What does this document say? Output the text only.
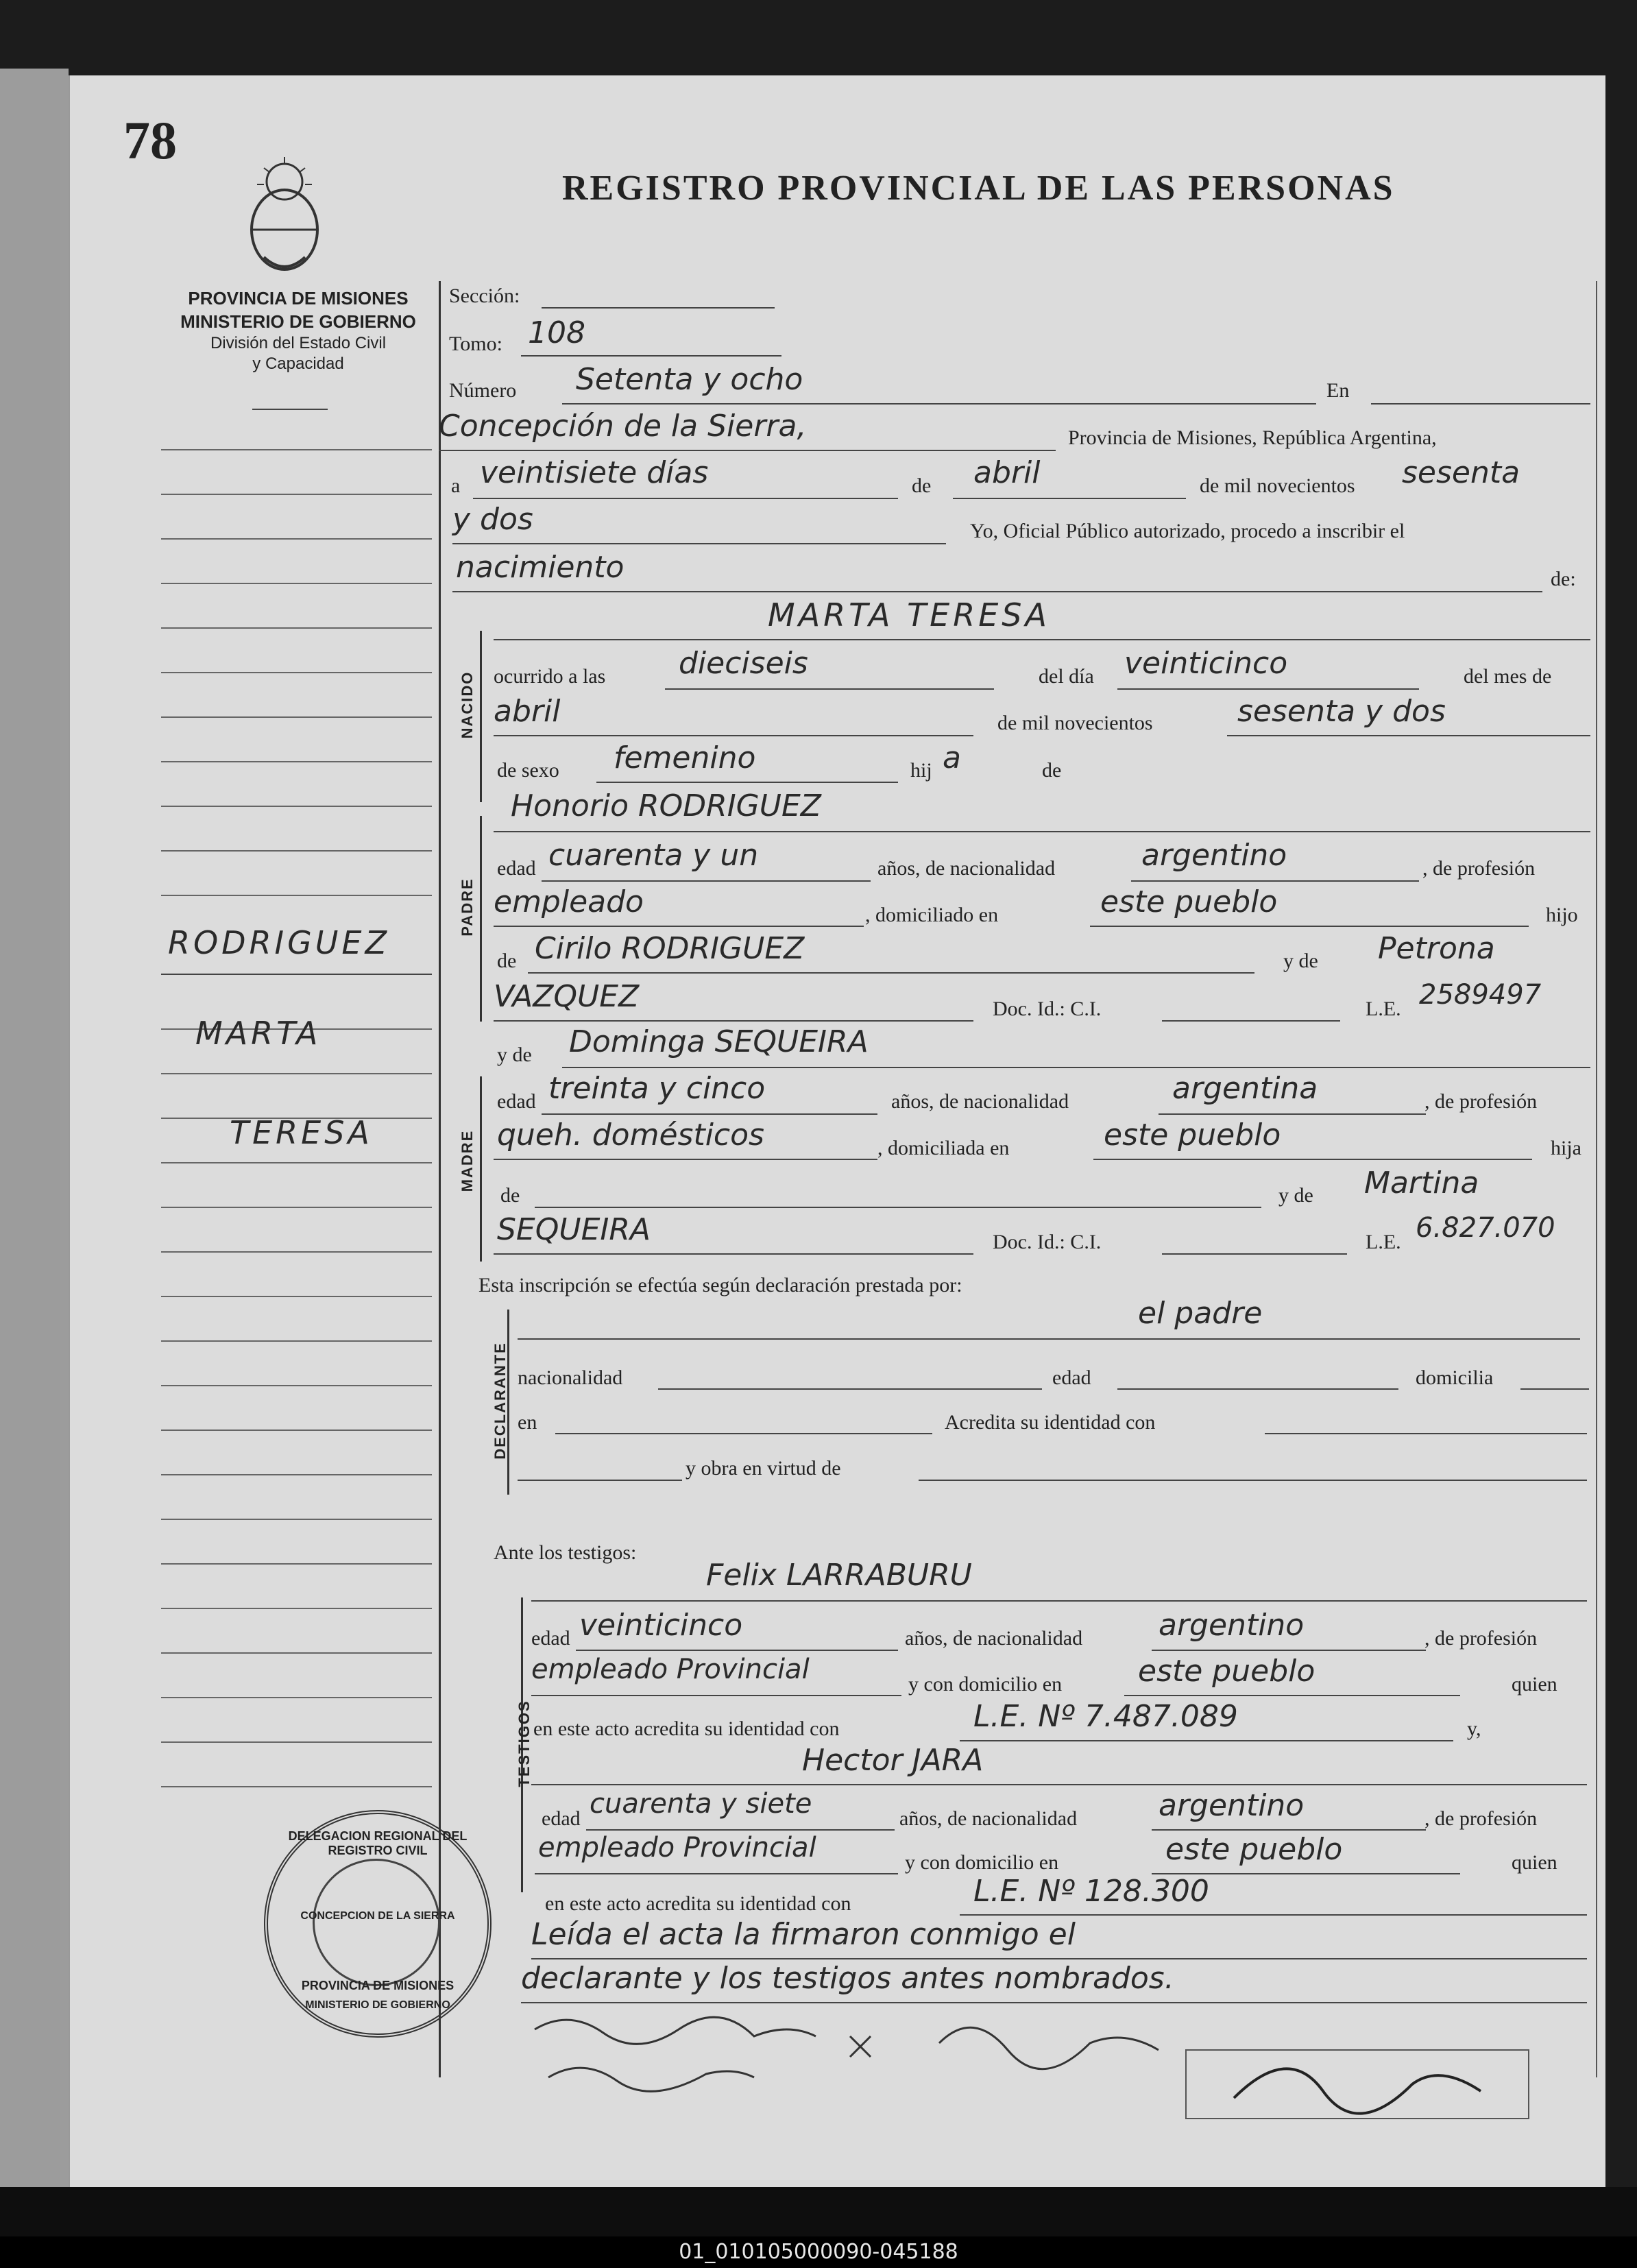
78
REGISTRO PROVINCIAL DE LAS PERSONAS
PROVINCIA DE MISIONES
MINISTERIO DE GOBIERNO
División del Estado Civil
y Capacidad
RODRIGUEZ
MARTA
TERESA
Sección:
Tomo: 108
Número Setenta y ocho	En
Concepción de la Sierra,	Provincia de Misiones, República Argentina,
a veintisiete días	de abril	de mil novecientos sesenta
y dos	Yo, Oficial Público autorizado, procedo a inscribir el
nacimiento	de:
NACIDO
MARTA TERESA
ocurrido a las dieciseis	del día veinticinco	del mes de
abril	de mil novecientos	sesenta y dos
de sexo femenino	hij a	de
PADRE
Honorio RODRIGUEZ
edad cuarenta y un	años, de nacionalidad	argentino	, de profesión
empleado	, domiciliado en	este pueblo	hijo
de Cirilo RODRIGUEZ	y de Petrona
VAZQUEZ	Doc. Id.: C.I.	L.E. 2589497
y de Dominga SEQUEIRA
MADRE
edad treinta y cinco	años, de nacionalidad	argentina	, de profesión
queh. domésticos	, domiciliada en	este pueblo	hija
de	y de Martina
SEQUEIRA	Doc. Id.: C.I.	L.E. 6.827.070
Esta inscripción se efectúa según declaración prestada por:
DECLARANTE
el padre
nacionalidad	edad	domicilia
en	Acredita su identidad con
y obra en virtud de
Ante los testigos:
TESTIGOS
Felix LARRABURU
edad veinticinco	años, de nacionalidad	argentino	, de profesión
empleado Provincial	y con domicilio en	este pueblo	quien
en este acto acredita su identidad con	L.E. Nº 7.487.089	y,
Hector JARA
edad cuarenta y siete	años, de nacionalidad	argentino	, de profesión
empleado Provincial	y con domicilio en	este pueblo	quien
en este acto acredita su identidad con	L.E. Nº 128.300
Leída el acta la firmaron conmigo el
declarante y los testigos antes nombrados.
DELEGACION REGIONAL DEL REGISTRO CIVIL
CONCEPCION DE LA SIERRA
PROVINCIA DE MISIONES
MINISTERIO DE GOBIERNO
01_010105000090-045188
